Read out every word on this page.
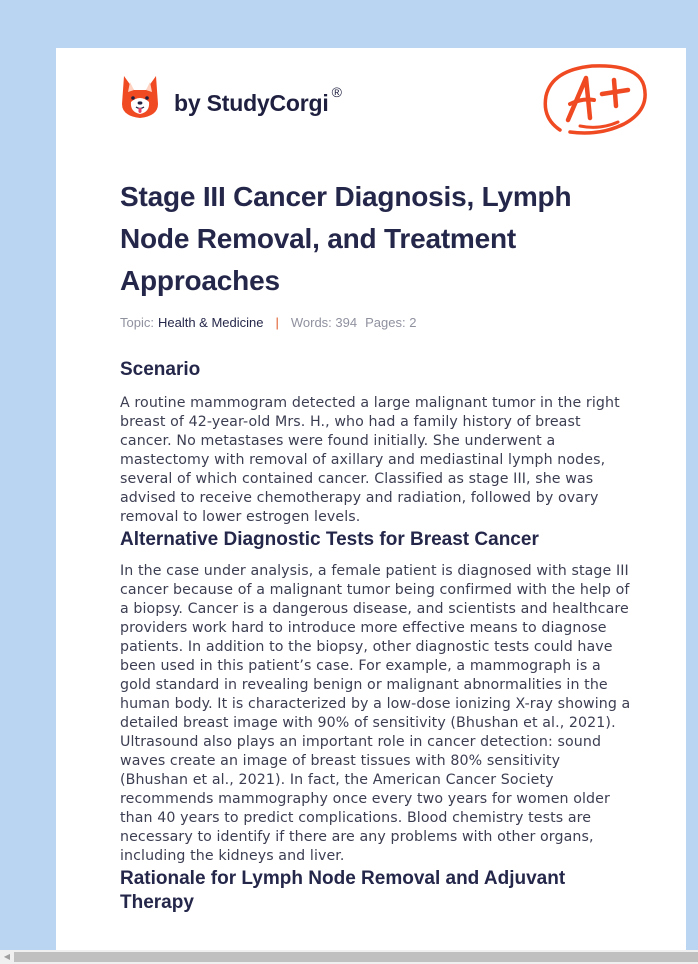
by StudyCorgi ®
Stage III Cancer Diagnosis, Lymph Node Removal, and Treatment Approaches
Topic: Health & Medicine | Words: 394 Pages: 2
Scenario

A routine mammogram detected a large malignant tumor in the right breast of 42-year-old Mrs. H., who had a family history of breast cancer. No metastases were found initially. She underwent a mastectomy with removal of axillary and mediastinal lymph nodes, several of which contained cancer. Classified as stage III, she was advised to receive chemotherapy and radiation, followed by ovary removal to lower estrogen levels.

Alternative Diagnostic Tests for Breast Cancer

In the case under analysis, a female patient is diagnosed with stage III cancer because of a malignant tumor being confirmed with the help of a biopsy. Cancer is a dangerous disease, and scientists and healthcare providers work hard to introduce more effective means to diagnose patients. In addition to the biopsy, other diagnostic tests could have been used in this patient’s case. For example, a mammograph is a gold standard in revealing benign or malignant abnormalities in the human body. It is characterized by a low-dose ionizing X-ray showing a detailed breast image with 90% of sensitivity (Bhushan et al., 2021). Ultrasound also plays an important role in cancer detection: sound waves create an image of breast tissues with 80% sensitivity (Bhushan et al., 2021). In fact, the American Cancer Society recommends mammography once every two years for women older than 40 years to predict complications. Blood chemistry tests are necessary to identify if there are any problems with other organs, including the kidneys and liver.

Rationale for Lymph Node Removal and Adjuvant Therapy
◀
